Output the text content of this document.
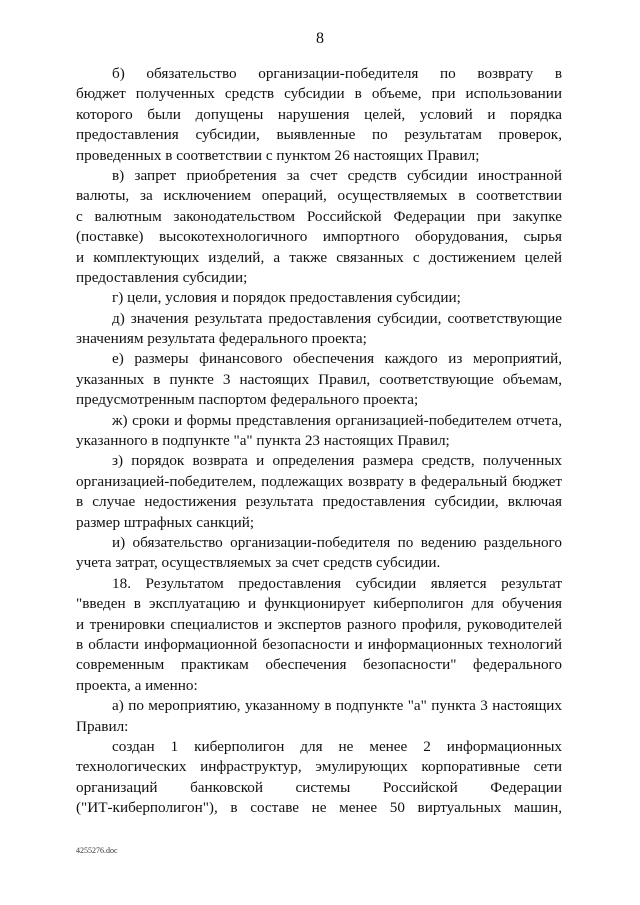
8
б) обязательство организации-победителя по возврату в
бюджет полученных средств субсидии в объеме, при использовании
которого были допущены нарушения целей, условий и порядка
предоставления субсидии, выявленные по результатам проверок,
проведенных в соответствии с пунктом 26 настоящих Правил;
в) запрет приобретения за счет средств субсидии иностранной
валюты, за исключением операций, осуществляемых в соответствии
с валютным законодательством Российской Федерации при закупке
(поставке) высокотехнологичного импортного оборудования, сырья
и комплектующих изделий, а также связанных с достижением целей
предоставления субсидии;
г) цели, условия и порядок предоставления субсидии;
д) значения результата предоставления субсидии, соответствующие
значениям результата федерального проекта;
е) размеры финансового обеспечения каждого из мероприятий,
указанных в пункте 3 настоящих Правил, соответствующие объемам,
предусмотренным паспортом федерального проекта;
ж) сроки и формы представления организацией-победителем отчета,
указанного в подпункте "а" пункта 23 настоящих Правил;
з) порядок возврата и определения размера средств, полученных
организацией-победителем, подлежащих возврату в федеральный бюджет
в случае недостижения результата предоставления субсидии, включая
размер штрафных санкций;
и) обязательство организации-победителя по ведению раздельного
учета затрат, осуществляемых за счет средств субсидии.
18. Результатом предоставления субсидии является результат
"введен в эксплуатацию и функционирует киберполигон для обучения
и тренировки специалистов и экспертов разного профиля, руководителей
в области информационной безопасности и информационных технологий
современным практикам обеспечения безопасности" федерального
проекта, а именно:
а) по мероприятию, указанному в подпункте "а" пункта 3 настоящих
Правил:
создан 1 киберполигон для не менее 2 информационных
технологических инфраструктур, эмулирующих корпоративные сети
организаций банковской системы Российской Федерации
("ИТ-киберполигон"), в составе не менее 50 виртуальных машин,
4255276.doc
